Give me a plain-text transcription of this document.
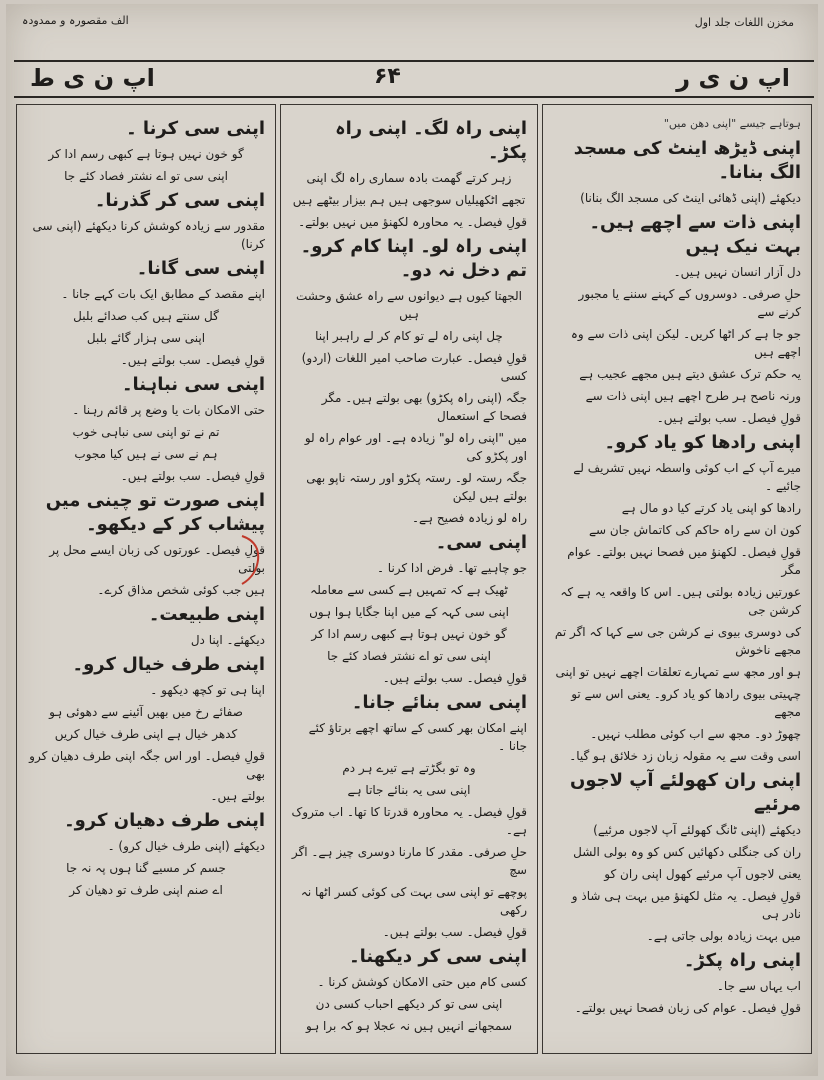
الف مقصورہ و ممدودہ	مخزن اللغات جلد اول
اپ ن ی ط	۶۴	اپ ن ی ر
ہوتاہے جیسے "اپنی دھن میں"
اپنی ڈیڑھ اینٹ کی مسجد الگ بنانا۔
دیکھئے (اپنی ڈھائی اینٹ کی مسجد الگ بنانا)
اپنی ذات سے اچھے ہیں۔ بہت نیک ہیں
دل آزار انسان نہیں ہیں۔
حلِ صرفی۔ دوسروں کے کہنے سننے یا مجبور کرنے سے
جو جا ہے کر اٹھا کریں۔ لیکن اپنی ذات سے وہ اچھے ہیں
یہ حکم ترک عشق دیتے ہیں مجھے عجیب ہے
ورنہ ناصح ہر طرح اچھے ہیں اپنی ذات سے
قولِ فیصل۔ سب بولتے ہیں۔
اپنی رادھا کو یاد کرو۔
میرے آپ کے اب کوئی واسطہ نہیں تشریف لے جائیے ۔
رادھا کو اپنی یاد کرتے کیا دو مال ہے
کون ان سے راہ حاکم کی کاتماش جان سے
قولِ فیصل۔ لکھنؤ میں فصحا نہیں بولتے۔ عوام مگر
عورتیں زیادہ بولتی ہیں۔ اس کا واقعہ یہ ہے کہ کرشن جی
کی دوسری بیوی نے کرشن جی سے کہا کہ اگر تم مجھے ناخوش
ہو اور مجھ سے تمہارے تعلقات اچھے نہیں تو اپنی
چہیتی بیوی رادھا کو یاد کرو۔ یعنی اس سے تو مجھے
چھوڑ دو۔ مجھ سے اب کوئی مطلب نہیں۔
اسی وقت سے یہ مقولہ زبان زد خلائق ہو گیا۔
اپنی ران کھولئے آپ لاجوں مرئیے
دیکھئے (اپنی ٹانگ کھولئے آپ لاجوں مرئیے)
ران کی جنگلی دکھائیں کس کو وہ بولی الشل
یعنی لاجوں آپ مرئیے کھول اپنی ران کو
قولِ فیصل۔ یہ مثل لکھنؤ میں بہت ہی شاذ و نادر ہی
میں بہت زیادہ بولی جاتی ہے۔
اپنی راہ پکڑ۔
اب یہاں سے جا۔
قولِ فیصل۔ عوام کی زبان فصحا نہیں بولتے۔
اپنی راہ لگ۔ اپنی راہ پکڑ۔
زہر کرتے گھمت بادہ سماری راہ لگ اپنی
تجھے اٹکھیلیاں سوجھی ہیں ہم بیزار بیٹھے ہیں
قولِ فیصل۔ یہ محاورہ لکھنؤ میں نہیں بولتے۔
اپنی راہ لو۔ اپنا کام کرو۔ تم دخل نہ دو۔
الجھتا کیوں ہے دیوانوں سے راہ عشق وحشت ہیں
چل اپنی راہ لے تو کام کر لے راہبر اپنا
قولِ فیصل۔ عبارت صاحب امیر اللغات (اردو) کسی
جگہ (اپنی راہ پکڑو) بھی بولتے ہیں۔ مگر فصحا کے استعمال
میں "اپنی راہ لو" زیادہ ہے۔ اور عوام راہ لو اور پکڑو کی
جگہ رستہ لو۔ رستہ پکڑو اور رستہ ناپو بھی بولتے ہیں لیکن
راہ لو زیادہ فصیح ہے۔
اپنی سی۔
جو چاہیے تھا۔ فرض ادا کرنا ۔
ٹھیک ہے کہ تمہیں ہے کسی سے معاملہ
اپنی سی کہہ کے میں اپنا جگایا ہوا ہوں
گو خون نہیں ہوتا ہے کبھی رسم ادا کر
اپنی سی تو اے نشتر فصاد کئے جا
قولِ فیصل۔ سب بولتے ہیں۔
اپنی سی بنائے جانا۔
اپنے امکان بھر کسی کے ساتھ اچھے برتاؤ کئے جانا ۔
وہ تو بگڑتے ہے تیرے ہر دم
اپنی سی یہ بنائے جاتا ہے
قولِ فیصل۔ یہ محاورہ قدرتا کا تھا۔ اب متروک ہے۔
حلِ صرفی۔ مقدر کا مارنا دوسری چیز ہے۔ اگر سچ
پوچھے تو اپنی سی بہت کی کوئی کسر اٹھا نہ رکھی
قولِ فیصل۔ سب بولتے ہیں۔
اپنی سی کر دیکھنا۔
کسی کام میں حتی الامکان کوشش کرنا ۔
اپنی سی تو کر دیکھے احباب کسی دن
سمجھانے انہیں ہیں نہ عجلا ہو کہ برا ہو
اپنی سی کرنا ۔
گو خون نہیں ہوتا ہے کبھی رسم ادا کر
اپنی سی تو اے نشتر فصاد کئے جا
اپنی سی کر گذرنا۔
مقدور سے زیادہ کوشش کرنا دیکھئے (اپنی سی کرنا)
اپنی سی گانا۔
اپنے مقصد کے مطابق ایک بات کہے جانا ۔
گل سنتے ہیں کب صدائے بلبل
اپنی سی ہزار گائے بلبل
قولِ فیصل۔ سب بولتے ہیں۔
اپنی سی نباہنا۔
حتی الامکان بات یا وضع پر قائم رہنا ۔
تم نے تو اپنی سی نباہی خوب
ہم نے سی نے ہیں کیا مجوب
قولِ فیصل۔ سب بولتے ہیں۔
اپنی صورت تو چینی میں پیشاب کر کے دیکھو۔
قولِ فیصل۔ عورتوں کی زبان ایسے محل پر بولتی
ہیں جب کوئی شخص مذاق کرے۔
اپنی طبیعت۔
دیکھئے۔ اپنا دل
اپنی طرف خیال کرو۔
اپنا ہی تو کچھ دیکھو ۔
صفائے رخ میں بھیں آئینے سے دھوئی ہو
کدھر خیال ہے اپنی طرف خیال کریں
قولِ فیصل۔ اور اس جگہ اپنی طرف دھیان کرو بھی
بولتے ہیں۔
اپنی طرف دھیان کرو۔
دیکھئے (اپنی طرف خیال کرو) ۔
جسم کر مسیے گنا ہوں پہ نہ جا
اے صنم اپنی طرف تو دھیان کر
